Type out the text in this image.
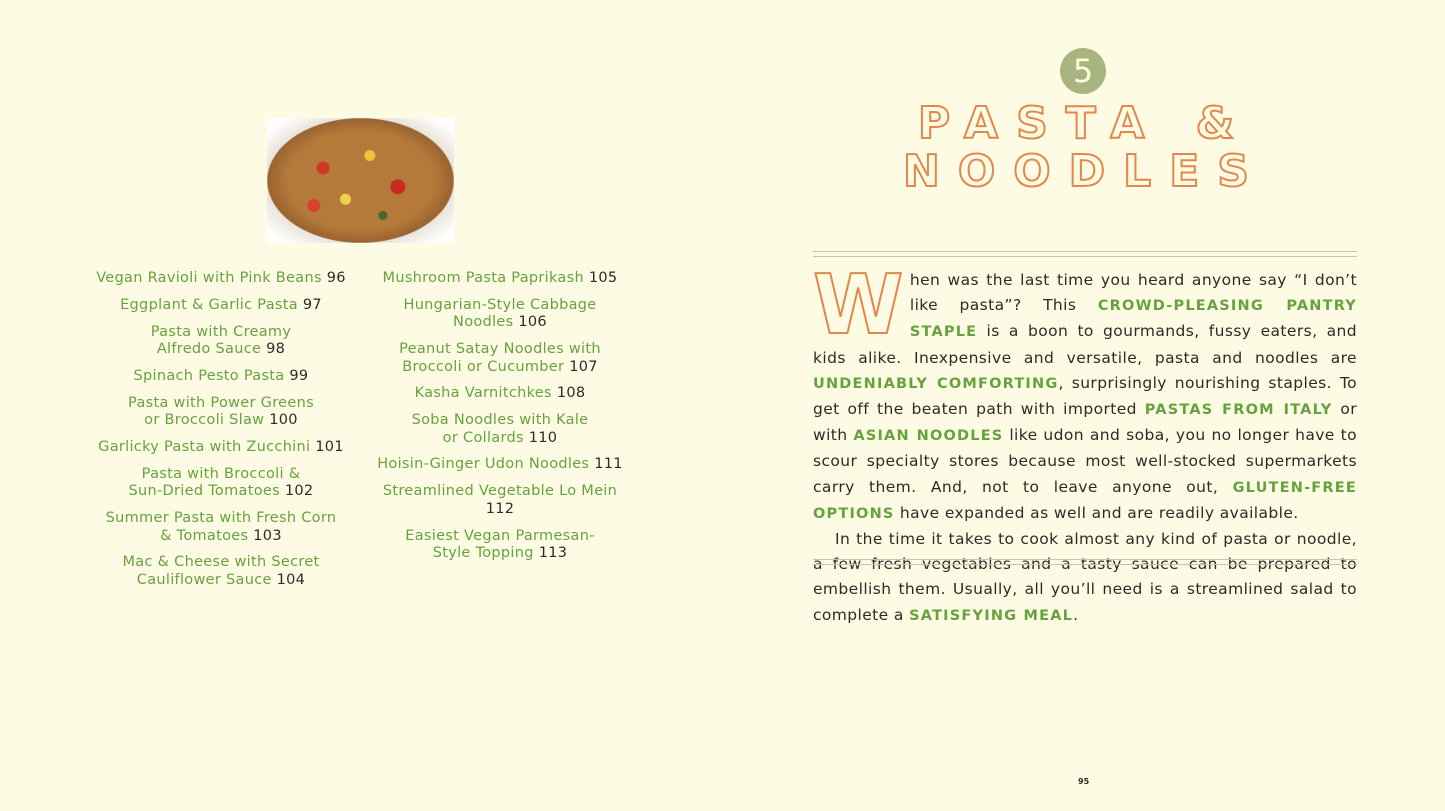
Vegan Ravioli with Pink Beans 96
Eggplant & Garlic Pasta 97
Pasta with Creamy
Alfredo Sauce 98
Spinach Pesto Pasta 99
Pasta with Power Greens
or Broccoli Slaw 100
Garlicky Pasta with Zucchini 101
Pasta with Broccoli &
Sun-Dried Tomatoes 102
Summer Pasta with Fresh Corn
& Tomatoes 103
Mac & Cheese with Secret
Cauliflower Sauce 104
Mushroom Pasta Paprikash 105
Hungarian-Style Cabbage
Noodles 106
Peanut Satay Noodles with
Broccoli or Cucumber 107
Kasha Varnitchkes 108
Soba Noodles with Kale
or Collards 110
Hoisin-Ginger Udon Noodles 111
Streamlined Vegetable Lo Mein 112
Easiest Vegan Parmesan-
Style Topping 113
5
PASTA & NOODLES
When was the last time you heard anyone say “I don’t like pasta”? This CROWD-PLEASING PANTRY STAPLE is a boon to gourmands, fussy eaters, and kids alike. Inexpensive and versatile, pasta and noodles are UNDENIABLY COMFORTING, surprisingly nourishing staples. To get off the beaten path with imported PASTAS FROM ITALY or with ASIAN NOODLES like udon and soba, you no longer have to scour specialty stores because most well-stocked supermarkets carry them. And, not to leave anyone out, GLUTEN-FREE OPTIONS have expanded as well and are readily available.
In the time it takes to cook almost any kind of pasta or noodle, a few fresh vegetables and a tasty sauce can be prepared to embellish them. Usually, all you’ll need is a streamlined salad to complete a SATISFYING MEAL.
95
